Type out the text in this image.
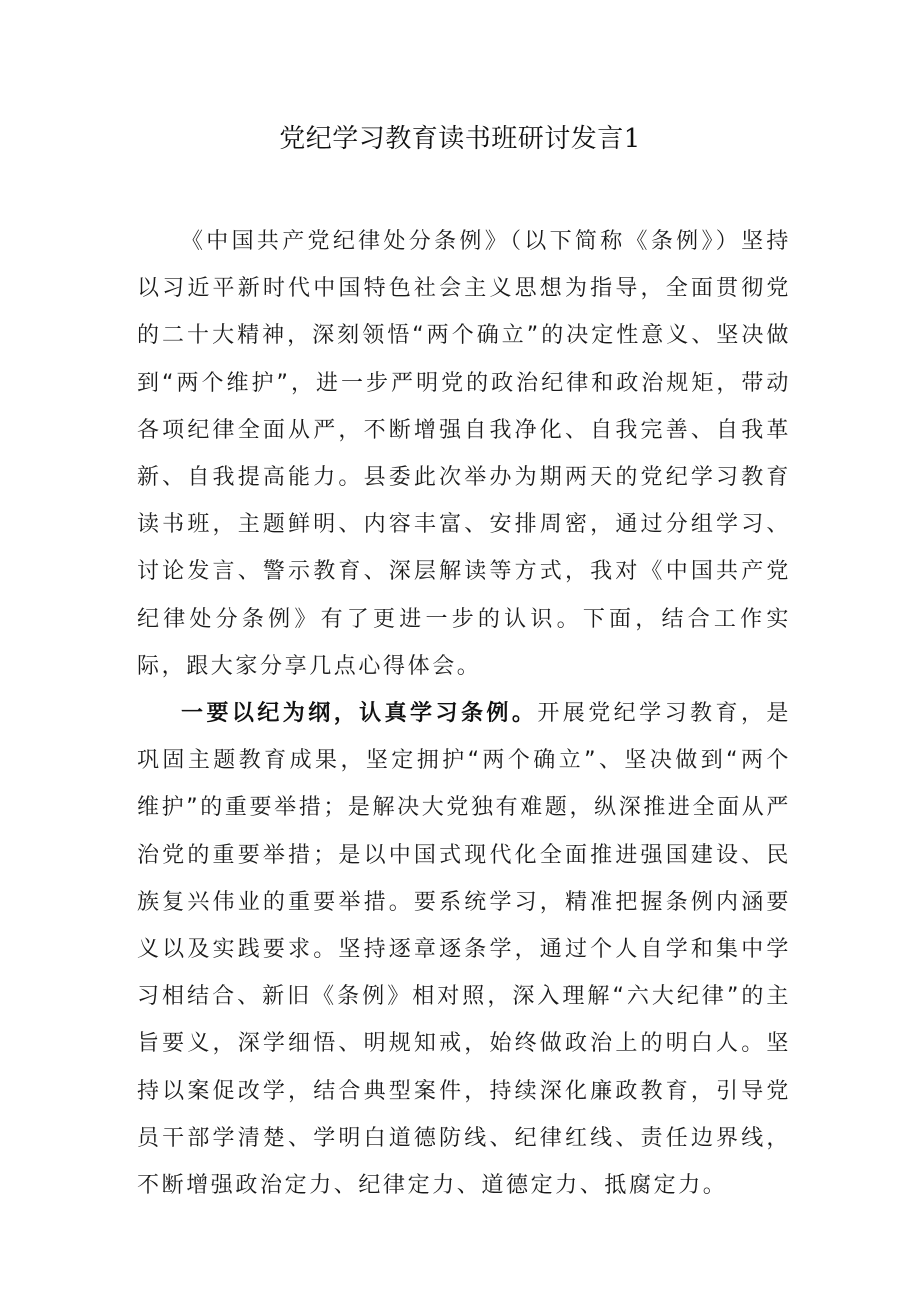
党纪学习教育读书班研讨发言1

《中国共产党纪律处分条例》（以下简称《条例》）坚持以习近平新时代中国特色社会主义思想为指导，全面贯彻党的二十大精神，深刻领悟“两个确立”的决定性意义、坚决做到“两个维护”，进一步严明党的政治纪律和政治规矩，带动各项纪律全面从严，不断增强自我净化、自我完善、自我革新、自我提高能力。县委此次举办为期两天的党纪学习教育读书班，主题鲜明、内容丰富、安排周密，通过分组学习、讨论发言、警示教育、深层解读等方式，我对《中国共产党纪律处分条例》有了更进一步的认识。下面，结合工作实际，跟大家分享几点心得体会。

一要以纪为纲，认真学习条例。开展党纪学习教育，是巩固主题教育成果，坚定拥护“两个确立”、坚决做到“两个维护”的重要举措；是解决大党独有难题，纵深推进全面从严治党的重要举措；是以中国式现代化全面推进强国建设、民族复兴伟业的重要举措。要系统学习，精准把握条例内涵要义以及实践要求。坚持逐章逐条学，通过个人自学和集中学习相结合、新旧《条例》相对照，深入理解“六大纪律”的主旨要义，深学细悟、明规知戒，始终做政治上的明白人。坚持以案促改学，结合典型案件，持续深化廉政教育，引导党员干部学清楚、学明白道德防线、纪律红线、责任边界线，不断增强政治定力、纪律定力、道德定力、抵腐定力。
